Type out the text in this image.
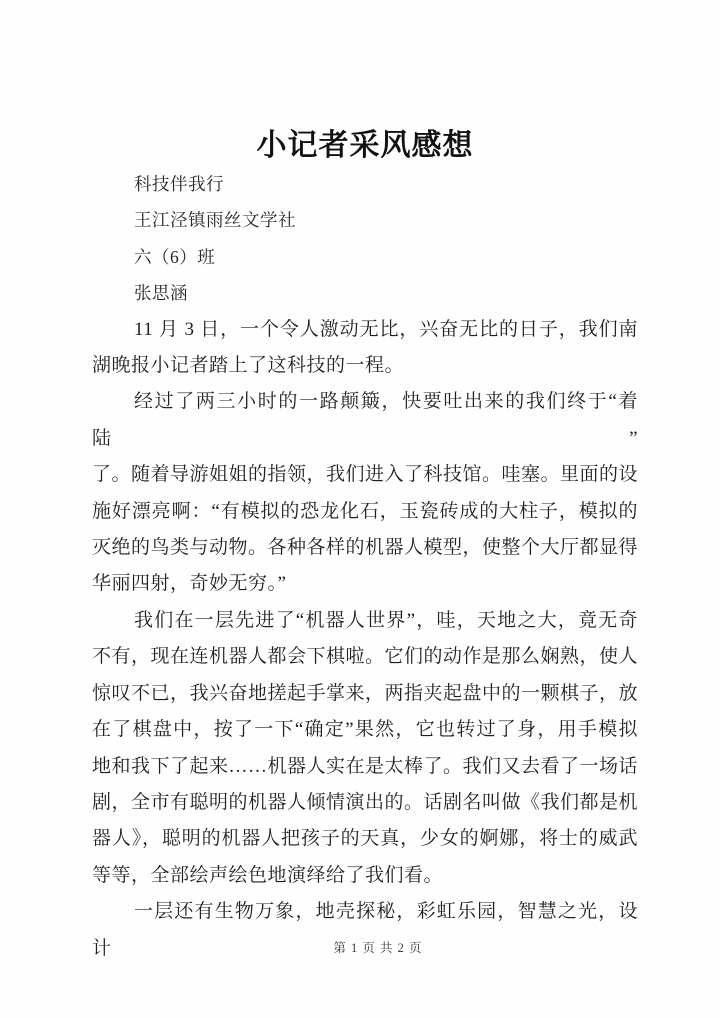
小记者采风感想
科技伴我行
王江泾镇雨丝文学社
六（6）班
张思涵
11 月 3 日，一个令人激动无比，兴奋无比的日子，我们南
湖晚报小记者踏上了这科技的一程。
经过了两三小时的一路颠簸，快要吐出来的我们终于“着陆”
了。随着导游姐姐的指领，我们进入了科技馆。哇塞。里面的设
施好漂亮啊：“有模拟的恐龙化石，玉瓷砖成的大柱子，模拟的
灭绝的鸟类与动物。各种各样的机器人模型，使整个大厅都显得
华丽四射，奇妙无穷。”
我们在一层先进了“机器人世界”，哇，天地之大，竟无奇
不有，现在连机器人都会下棋啦。它们的动作是那么娴熟，使人
惊叹不已，我兴奋地搓起手掌来，两指夹起盘中的一颗棋子，放
在了棋盘中，按了一下“确定”果然，它也转过了身，用手模拟
地和我下了起来……机器人实在是太棒了。我们又去看了一场话
剧，全市有聪明的机器人倾情演出的。话剧名叫做《我们都是机
器人》，聪明的机器人把孩子的天真，少女的婀娜，将士的威武
等等，全部绘声绘色地演绎给了我们看。
一层还有生物万象，地壳探秘，彩虹乐园，智慧之光，设计	第 1 页 共 2 页
